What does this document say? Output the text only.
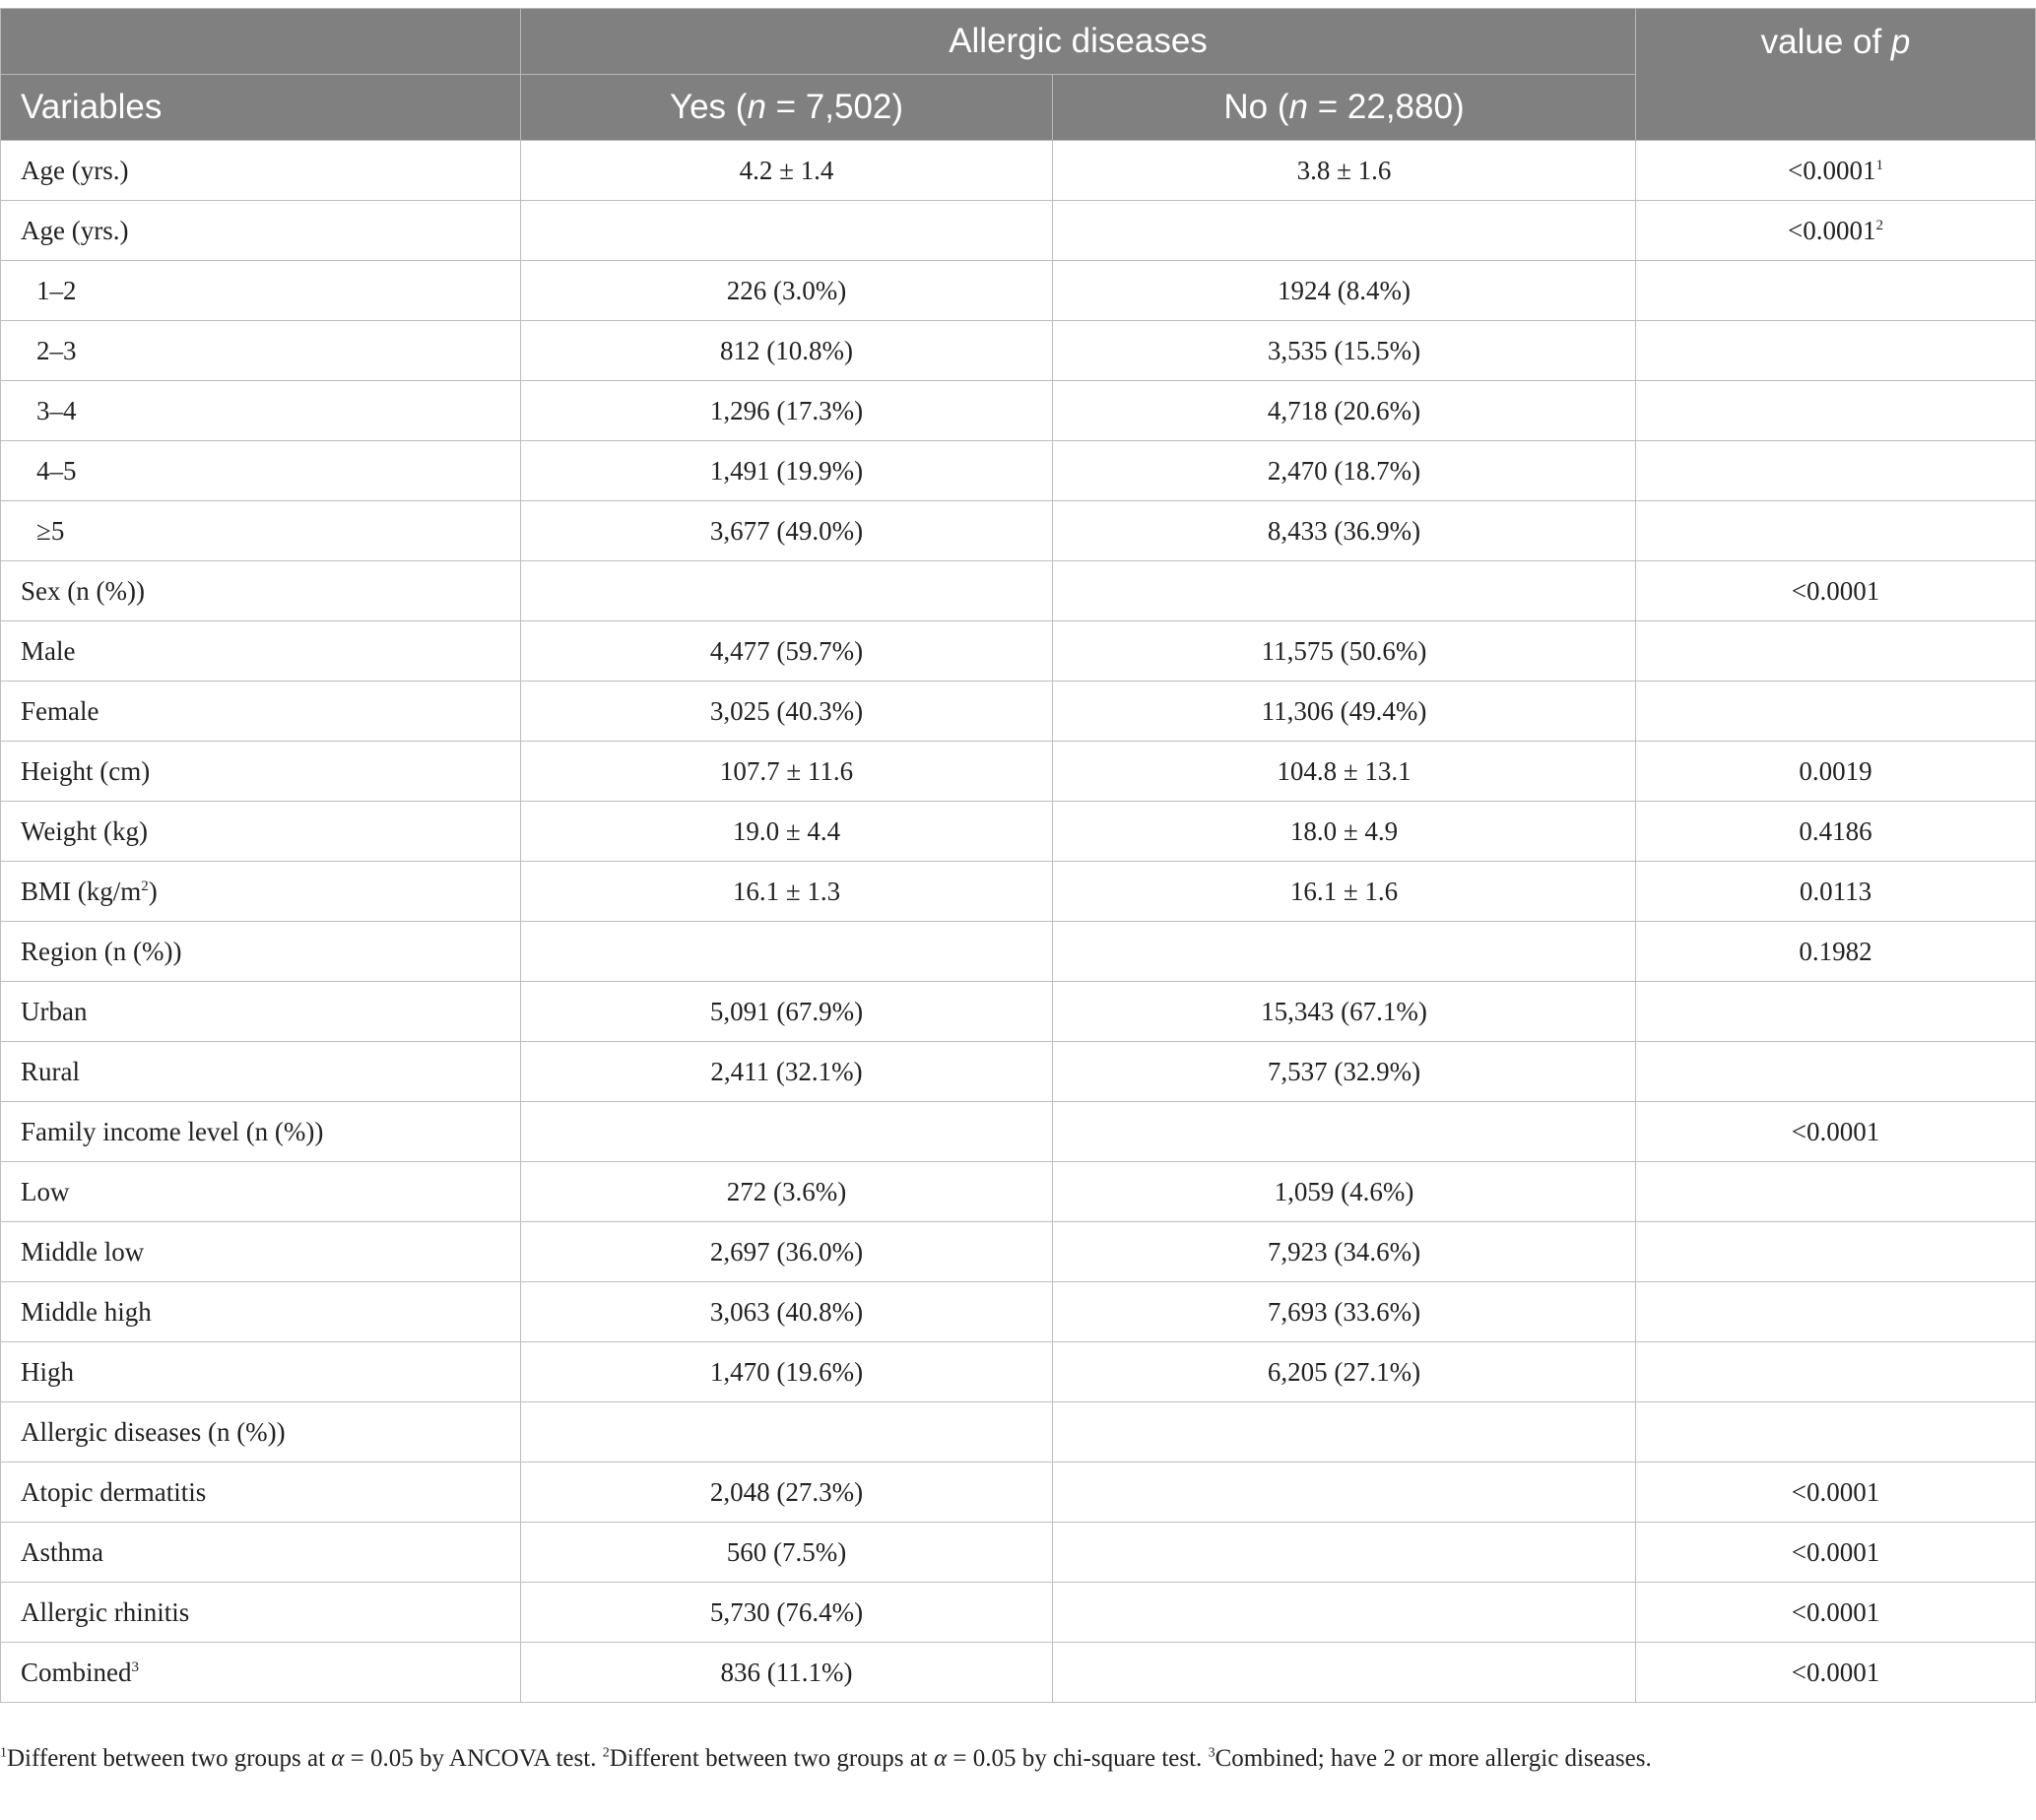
	Allergic diseases		value of p
Variables	Yes (n = 7,502)	No (n = 22,880)	
Age (yrs.)	4.2 ± 1.4	3.8 ± 1.6	$<0.0001^1$
Age (yrs.)			$<0.0001^2$
1–2	226 (3.0%)	1924 (8.4%)	
2–3	812 (10.8%)	3,535 (15.5%)	
3–4	1,296 (17.3%)	4,718 (20.6%)	
4–5	1,491 (19.9%)	2,470 (18.7%)	
≥5	3,677 (49.0%)	8,433 (36.9%)	
Sex (n (%))			<0.0001
Male	4,477 (59.7%)	11,575 (50.6%)	
Female	3,025 (40.3%)	11,306 (49.4%)	
Height (cm)	107.7 ± 11.6	104.8 ± 13.1	0.0019
Weight (kg)	19.0 ± 4.4	18.0 ± 4.9	0.4186
BMI $(kg/m^2)$	16.1 ± 1.3	16.1 ± 1.6	0.0113
Region (n (%))			0.1982
Urban	5,091 (67.9%)	15,343 (67.1%)	
Rural	2,411 (32.1%)	7,537 (32.9%)	
Family income level (n (%))			<0.0001
Low	272 (3.6%)	1,059 (4.6%)	
Middle low	2,697 (36.0%)	7,923 (34.6%)	
Middle high	3,063 (40.8%)	7,693 (33.6%)	
High	1,470 (19.6%)	6,205 (27.1%)	
Allergic diseases (n (%))			
Atopic dermatitis	2,048 (27.3%)		<0.0001
Asthma	560 (7.5%)		<0.0001
Allergic rhinitis	5,730 (76.4%)		<0.0001
Combined$^3$	836 (11.1%)		<0.0001
$^1$Different between two groups at α = 0.05 by ANCOVA test. $^2$Different between two groups at α = 0.05 by chi-square test. $^3$Combined; have 2 or more allergic diseases.
